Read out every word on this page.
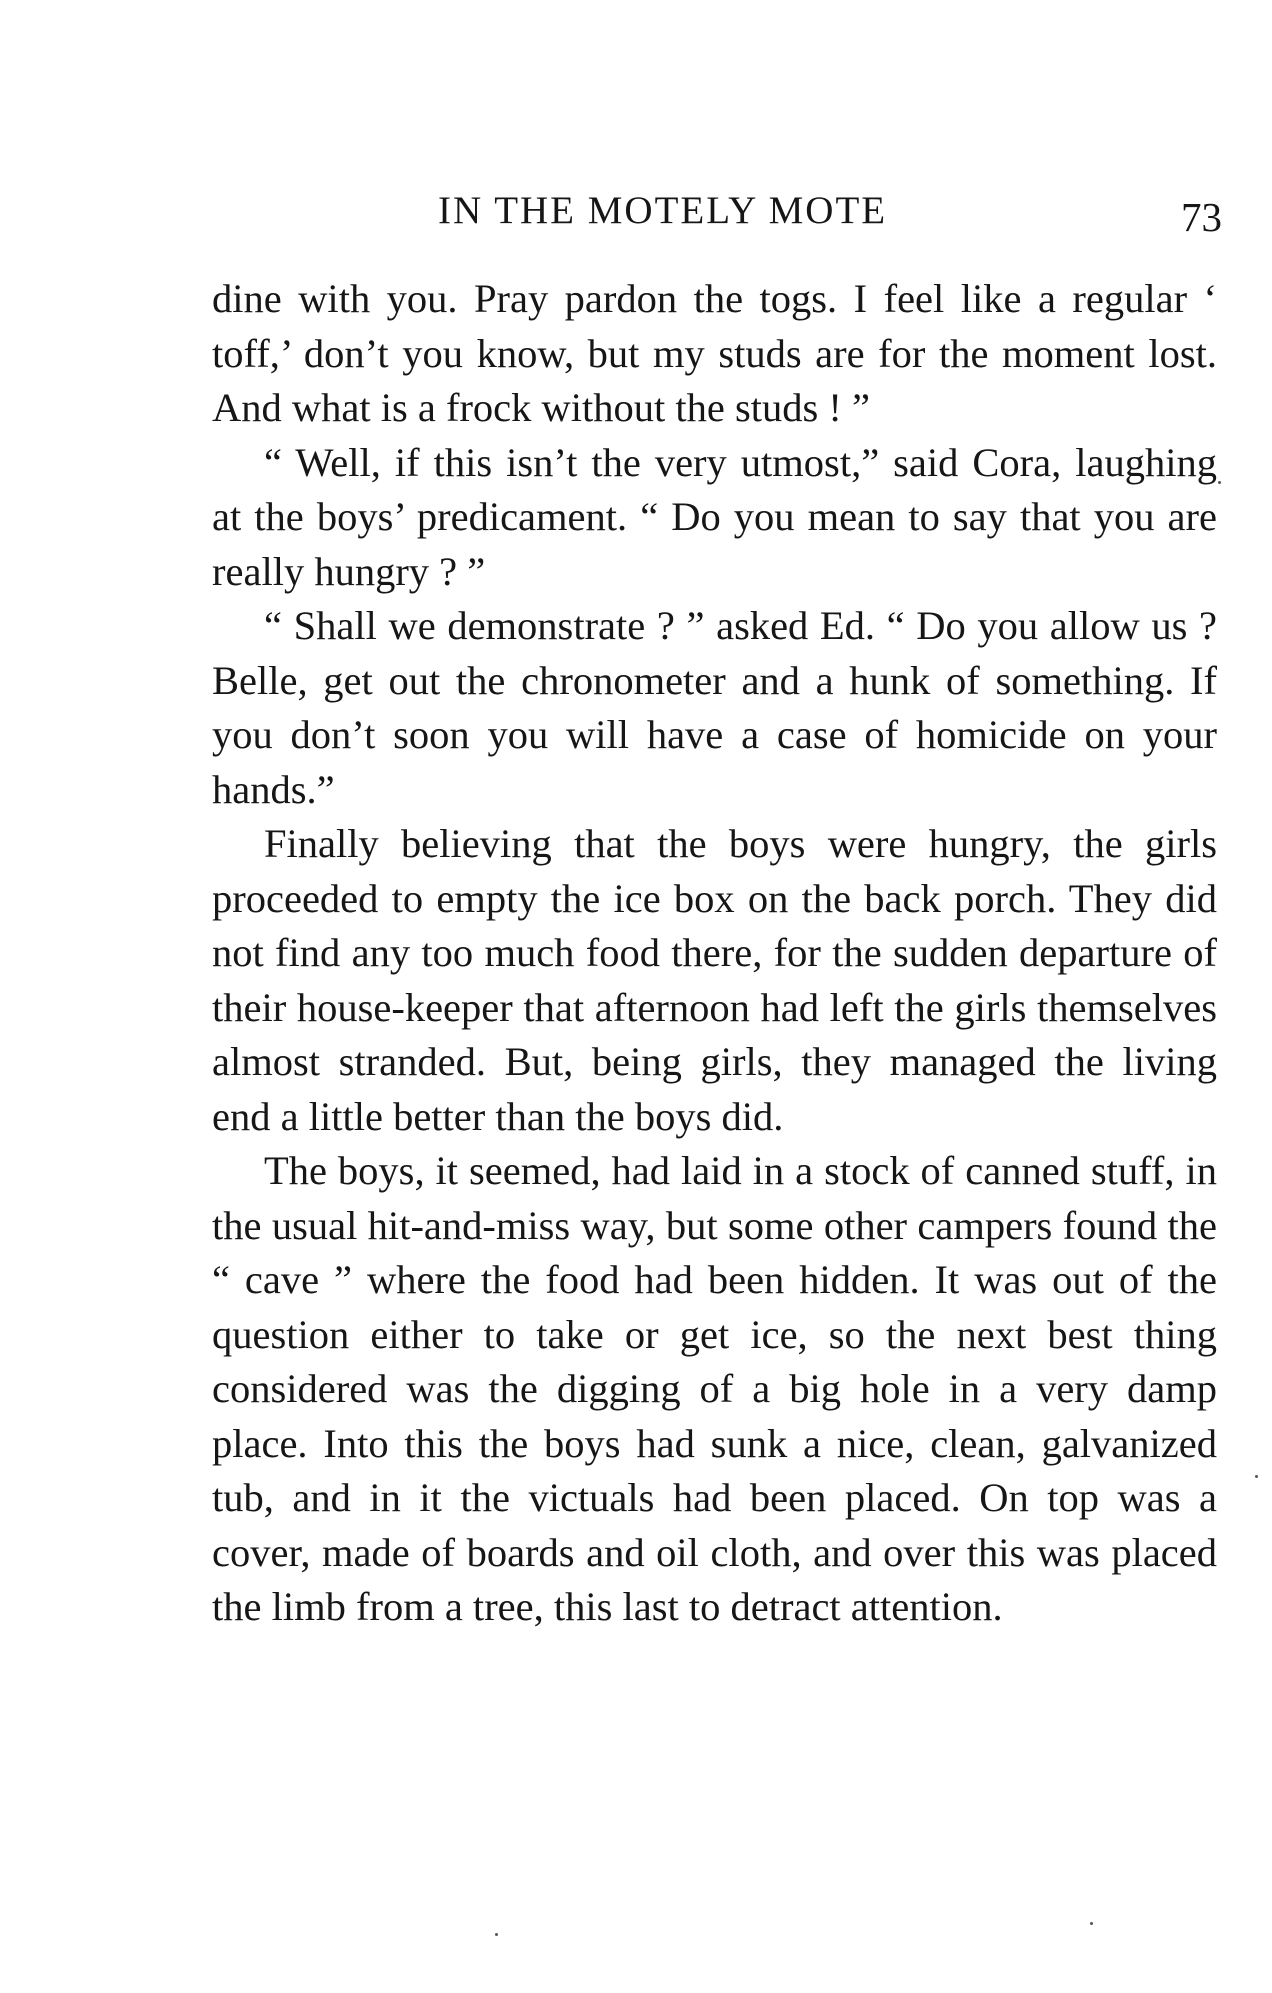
IN THE MOTELY MOTE	73

dine with you. Pray pardon the togs. I feel like a regular ‘ toff,’ don’t you know, but my studs are for the moment lost. And what is a frock without the studs ! ”

“ Well, if this isn’t the very utmost,” said Cora, laughing at the boys’ predicament. “ Do you mean to say that you are really hungry ? ”

“ Shall we demonstrate ? ” asked Ed. “ Do you allow us ? Belle, get out the chronometer and a hunk of something. If you don’t soon you will have a case of homicide on your hands.”

Finally believing that the boys were hungry, the girls proceeded to empty the ice box on the back porch. They did not find any too much food there, for the sudden departure of their house-keeper that afternoon had left the girls themselves almost stranded. But, being girls, they managed the living end a little better than the boys did.

The boys, it seemed, had laid in a stock of canned stuff, in the usual hit-and-miss way, but some other campers found the “ cave ” where the food had been hidden. It was out of the question either to take or get ice, so the next best thing considered was the digging of a big hole in a very damp place. Into this the boys had sunk a nice, clean, galvanized tub, and in it the victuals had been placed. On top was a cover, made of boards and oil cloth, and over this was placed the limb from a tree, this last to detract attention.
